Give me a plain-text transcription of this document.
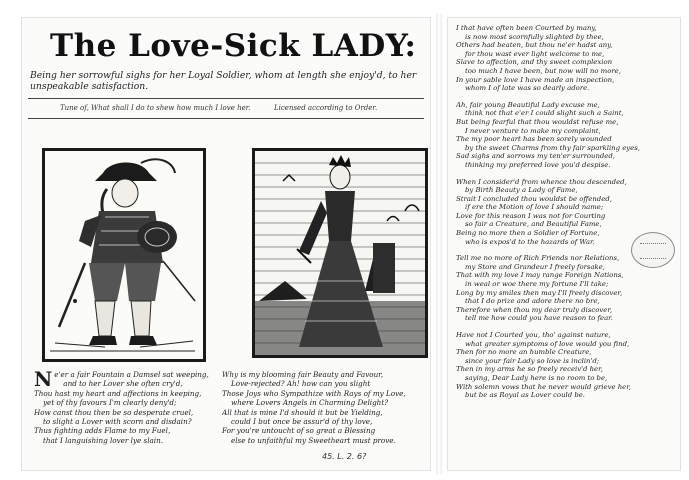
The Love-Sick LADY:
Being her sorrowful sighs for her Loyal Soldier, whom at length she enjoy'd, to her unspeakable satisfaction.
Tune of, What shall I do to shew how much I love her.	Licensed according to Order.
N e'er a fair Fountain a Damsel sat weeping,
and to her Lover she often cry'd,
Thou hast my heart and affections in keeping,
yet of thy favours I'm clearly deny'd;
How canst thou then be so desperate cruel,
to slight a Lover with scorn and disdain?
Thus fighting adds Flame to my Fuel,
that I languishing lover lye slain.
Why is my blooming fair Beauty and Favour,
Love-rejected? Ah! how can you slight
Those Joys who Sympathize with Rays of my Love,
where Lovers Angels in Charming Delight?
All that is mine I'd should it but be Yielding,
could I but once be assur'd of thy love,
For you're untoucht of so great a Blessing
else to unfaithful my Sweetheart must prove.
45. L. 2. 6?
I that have often been Courted by many,
is now most scornfully slighted by thee,
Others had beaten, but thou ne'er hadst any,
for thou wast ever light welcome to me,
Slave to affection, and thy sweet complexion
too much I have been, but now will no more,
In your sable love I have made an inspection,
whom I of late was so dearly adore.
Ah, fair young Beautiful Lady excuse me,
think not that e'er I could slight such a Saint,
But being fearful that thou wouldst refuse me,
I never venture to make my complaint,
The my poor heart has been sorely wounded
by the sweet Charms from thy fair sparkling eyes,
Sad sighs and sorrows my ten'er surrounded,
thinking my preferred love you'd despise.
When I consider'd from whence thou descended,
by Birth Beauty a Lady of Fame,
Strait I concluded thou wouldst be offended,
if ere the Motion of love I should name;
Love for this reason I was not for Courting
so fair a Creature, and Beautiful Fame,
Being no more then a Soldier of Fortune,
who is expos'd to the hazards of War.
Tell me no more of Rich Friends nor Relations,
my Store and Grandeur I freely forsake,
That with my love I may range Foreign Nations,
in weal or woe there my fortune I'll take;
Long by my smiles then may I'll freely discover,
that I do prize and adore there no bre,
Therefore when thou my dear truly discover,
tell me how could you have reason to fear.
Have not I Courted you, tho' against nature,
what greater symptoms of love would you find,
Then for no more an humble Creature,
since your fair Lady so love is inclin'd;
Then in my arms he so freely receiv'd her,
saying, Dear Lady here is no room to be,
With solemn vows that he never would grieve her,
but be as Royal as Lover could be.
